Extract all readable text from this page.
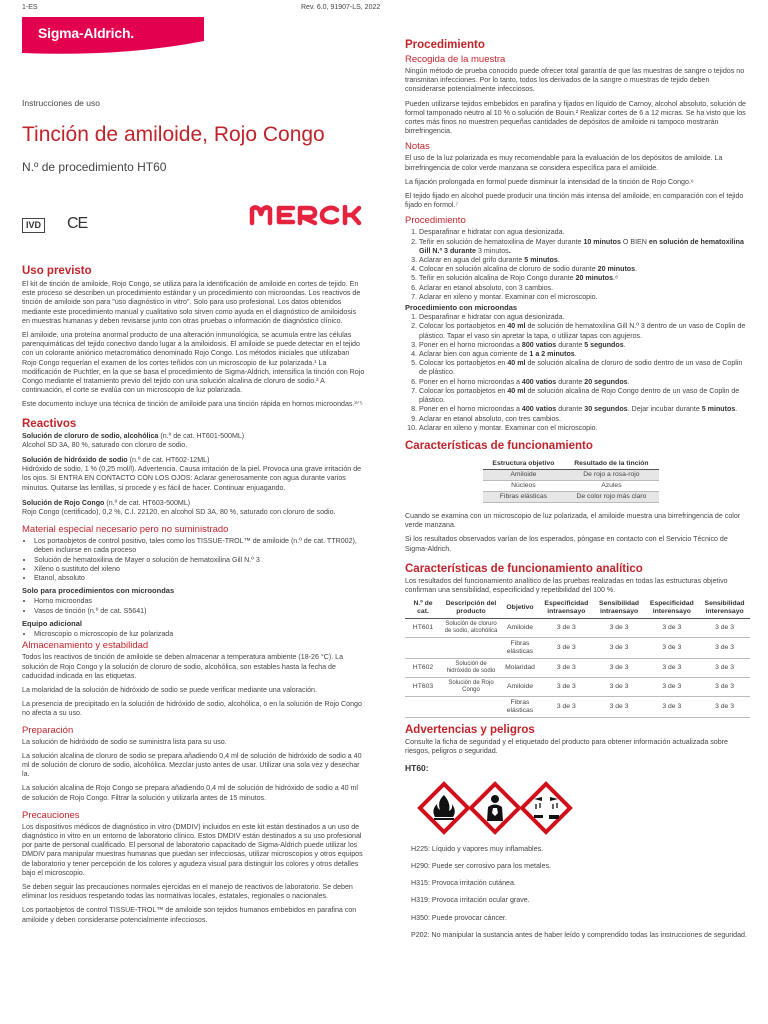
1-ES	Rev. 6.0, 91907-LS, 2022
Sigma-Aldrich.
Instrucciones de uso
Tinción de amiloide, Rojo Congo
N.º de procedimiento HT60
IVD CE
Uso previsto

El kit de tinción de amiloide, Rojo Congo, se utiliza para la identificación de amiloide en cortes de tejido. En este proceso se describen un procedimiento estándar y un procedimiento con microondas. Los reactivos de tinción de amiloide son para "uso diagnóstico in vitro". Solo para uso profesional. Los datos obtenidos mediante este procedimiento manual y cualitativo solo sirven como ayuda en el diagnóstico de amiloidosis en muestras humanas y deben revisarse junto con otras pruebas o información de diagnóstico clínico.

El amiloide, una proteína anormal producto de una alteración inmunológica, se acumula entre las células parenquimáticas del tejido conectivo dando lugar a la amiloidosis. El amiloide se puede detectar en el tejido con un colorante aniónico metacromático denominado Rojo Congo. Los métodos iniciales que utilizaban Rojo Congo requerían el examen de los cortes teñidos con un microscopio de luz polarizada.¹ La modificación de Puchtler, en la que se basa el procedimiento de Sigma-Aldrich, intensifica la tinción con Rojo Congo mediante el tratamiento previo del tejido con una solución alcalina de cloruro de sodio.² A continuación, el corte se evalúa con un microscopio de luz polarizada.

Este documento incluye una técnica de tinción de amiloide para una tinción rápida en hornos microondas.³ᐟ⁵

Reactivos

Solución de cloruro de sodio, alcohólica (n.º de cat. HT601-500ML)

Alcohol SD 3A, 80 %, saturado con cloruro de sodio.

Solución de hidróxido de sodio (n.º de cat. HT602-12ML)

Hidróxido de sodio, 1 % (0,25 mol/l). Advertencia. Causa irritación de la piel. Provoca una grave irritación de los ojos. SI ENTRA EN CONTACTO CON LOS OJOS: Aclarar generosamente con agua durante varios minutos. Quitarse las lentillas, si procede y es fácil de hacer. Continuar enjuagando.

Solución de Rojo Congo (n.º de cat. HT603-500ML)

Rojo Congo (certificado), 0,2 %, C.I. 22120, en alcohol SD 3A, 80 %, saturado con cloruro de sodio.

Material especial necesario pero no suministrado
• Los portaobjetos de control positivo, tales como los TISSUE-TROL™ de amiloide (n.º de cat. TTR002), deben incluirse en cada proceso
• Solución de hematoxilina de Mayer o solución de hematoxilina Gill N.º 3
• Xileno o sustituto del xileno
• Etanol, absoluto

Solo para procedimientos con microondas

• Horno microondas
• Vasos de tinción (n.º de cat. S5641)

Equipo adicional

• Microscopio o microscopio de luz polarizada
Almacenamiento y estabilidad

Todos los reactivos de tinción de amiloide se deben almacenar a temperatura ambiente (18-26 °C). La solución de Rojo Congo y la solución de cloruro de sodio, alcohólica, son estables hasta la fecha de caducidad indicada en las etiquetas.

La molaridad de la solución de hidróxido de sodio se puede verificar mediante una valoración.

La presencia de precipitado en la solución de hidróxido de sodio, alcohólica, o en la solución de Rojo Congo no afecta a su uso.

Preparación

La solución de hidróxido de sodio se suministra lista para su uso.

La solución alcalina de cloruro de sodio se prepara añadiendo 0,4 ml de solución de hidróxido de sodio a 40 ml de solución de cloruro de sodio, alcohólica. Mezclar justo antes de usar. Utilizar una sola vez y desechar la.

La solución alcalina de Rojo Congo se prepara añadiendo 0,4 ml de solución de hidróxido de sodio a 40 ml de solución de Rojo Congo. Filtrar la solución y utilizarla antes de 15 minutos.

Precauciones

Los dispositivos médicos de diagnóstico in vitro (DMDIV) incluidos en este kit están destinados a un uso de diagnóstico in vitro en un entorno de laboratorio clínico. Estos DMDIV están destinados a su uso profesional por parte de personal cualificado. El personal de laboratorio capacitado de Sigma-Aldrich puede utilizar los DMDIV para manipular muestras humanas que puedan ser infecciosas, utilizar microscopios y otros equipos de laboratorio y tener percepción de los colores y agudeza visual para distinguir los colores y otros detalles bajo el microscopio.

Se deben seguir las precauciones normales ejercidas en el manejo de reactivos de laboratorio. Se deben eliminar los residuos respetando todas las normativas locales, estatales, regionales o nacionales.

Los portaobjetos de control TISSUE-TROL™ de amiloide son tejidos humanos embebidos en parafina con amiloide y deben considerarse potencialmente infecciosos.

Procedimiento
Recogida de la muestra

Ningún método de prueba conocido puede ofrecer total garantía de que las muestras de sangre o tejidos no transmitan infecciones. Por lo tanto, todos los derivados de la sangre o muestras de tejido deben considerarse potencialmente infecciosos.

Pueden utilizarse tejidos embebidos en parafina y fijados en líquido de Carnoy, alcohol absoluto, solución de formol tamponado neutro al 10 % o solución de Bouin.² Realizar cortes de 6 a 12 micras. Se ha visto que los cortes más finos no muestren pequeñas cantidades de depósitos de amiloide ni tampoco mostrarán birrefringencia.

Notas

El uso de la luz polarizada es muy recomendable para la evaluación de los depósitos de amiloide. La birrefringencia de color verde manzana se considera específica para el amiloide.

La fijación prolongada en formol puede disminuir la intensidad de la tinción de Rojo Congo.⁶

El tejido fijado en alcohol puede producir una tinción más intensa del amiloide, en comparación con el tejido fijado en formol.⁷

Procedimiento
1. Desparafinar e hidratar con agua desionizada.
2. Teñir en solución de hematoxilina de Mayer durante 10 minutos O BIEN en solución de hematoxilina Gill N.º 3 durante 3 minutos.
3. Aclarar en agua del grifo durante 5 minutos.
4. Colocar en solución alcalina de cloruro de sodio durante 20 minutos.
5. Teñir en solución alcalina de Rojo Congo durante 20 minutos.⁸
6. Aclarar en etanol absoluto, con 3 cambios.
7. Aclarar en xileno y montar. Examinar con el microscopio.

Procedimiento con microondas

1. Desparafinar e hidratar con agua desionizada.
2. Colocar los portaobjetos en 40 ml de solución de hematoxilina Gill N.º 3 dentro de un vaso de Coplin de plástico. Tapar el vaso sin apretar la tapa, o utilizar tapas con agujeros.
3. Poner en el horno microondas a 800 vatios durante 5 segundos.
4. Aclarar bien con agua corriente de 1 a 2 minutos.
5. Colocar los portaobjetos en 40 ml de solución alcalina de cloruro de sodio dentro de un vaso de Coplin de plástico.
6. Poner en el horno microondas a 400 vatios durante 20 segundos.
7. Colocar los portaobjetos en 40 ml de solución alcalina de Rojo Congo dentro de un vaso de Coplin de plástico.
8. Poner en el horno microondas a 400 vatios durante 30 segundos. Dejar incubar durante 5 minutos.
9. Aclarar en etanol absoluto, con tres cambios.
10. Aclarar en xileno y montar. Examinar con el microscopio.
Características de funcionamiento
Estructura objetivo	Resultado de la tinción
Amiloide	De rojo a rosa-rojo
Núcleos	Azules
Fibras elásticas	De color rojo más claro

Cuando se examina con un microscopio de luz polarizada, el amiloide muestra una birrefringencia de color verde manzana.

Si los resultados observados varían de los esperados, póngase en contacto con el Servicio Técnico de Sigma-Aldrich.

Características de funcionamiento analítico

Los resultados del funcionamiento analítico de las pruebas realizadas en todas las estructuras objetivo confirman una sensibilidad, especificidad y repetibilidad del 100 %.

N.º de cat.	Descripción del producto	Objetivo	Especificidad intraensayo	Sensibilidad intraensayo	Especificidad interensayo	Sensibilidad interensayo
HT601	Solución de cloruro de sodio, alcohólica	Amiloide	3 de 3	3 de 3	3 de 3	3 de 3
		Fibras elásticas	3 de 3	3 de 3	3 de 3	3 de 3
HT602	Solución de hidróxido de sodio	Molaridad	3 de 3	3 de 3	3 de 3	3 de 3
HT603	Solución de Rojo Congo	Amiloide	3 de 3	3 de 3	3 de 3	3 de 3
		Fibras elásticas	3 de 3	3 de 3	3 de 3	3 de 3
Advertencias y peligros

Consulte la ficha de seguridad y el etiquetado del producto para obtener información actualizada sobre riesgos, peligros o seguridad.

HT60:

H225: Líquido y vapores muy inflamables.

H290: Puede ser corrosivo para los metales.

H315: Provoca irritación cutánea.

H319: Provoca irritación ocular grave.

H350: Puede provocar cáncer.

P202: No manipular la sustancia antes de haber leído y comprendido todas las instrucciones de seguridad.
